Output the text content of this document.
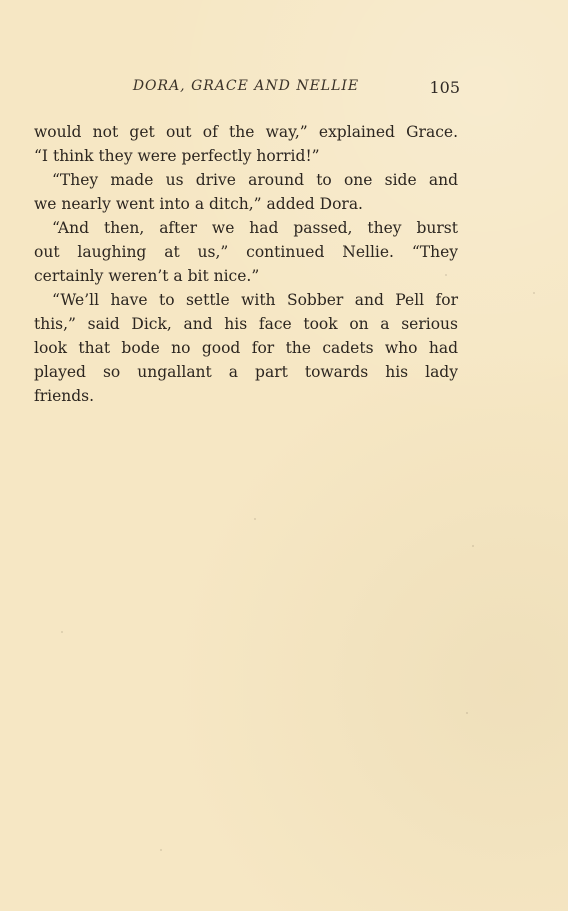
DORA, GRACE AND NELLIE	105
would not get out of the way,” explained Grace.
“I think they were perfectly horrid!”
“They made us drive around to one side and
we nearly went into a ditch,” added Dora.
“And then, after we had passed, they burst
out laughing at us,” continued Nellie. “They
certainly weren’t a bit nice.”
“We’ll have to settle with Sobber and Pell for
this,” said Dick, and his face took on a serious
look that bode no good for the cadets who had
played so ungallant a part towards his lady
friends.
